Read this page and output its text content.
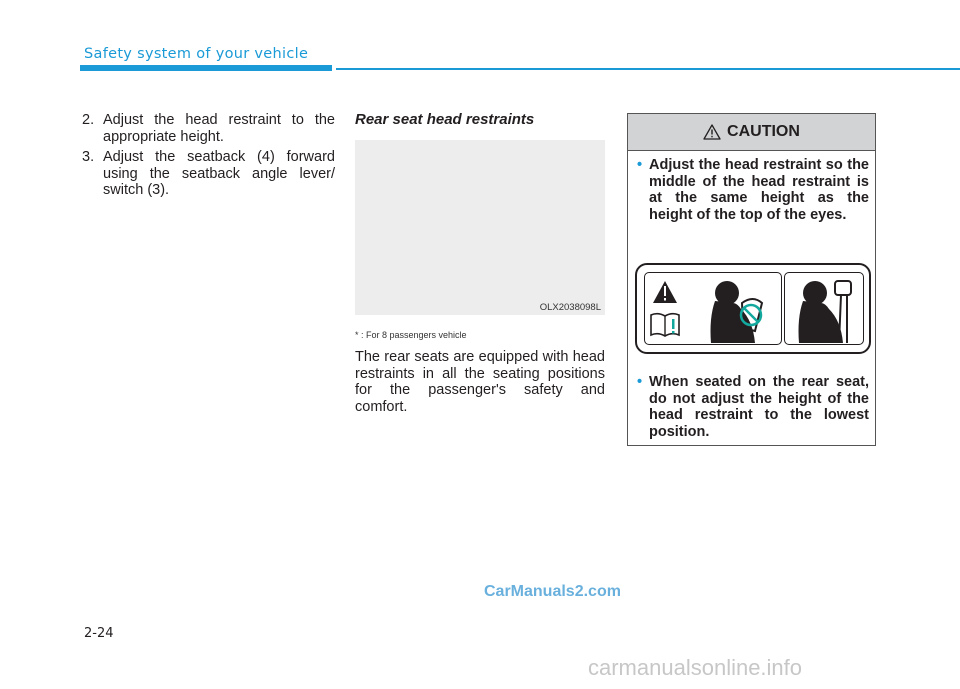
Safety system of your vehicle
2. Adjust the head restraint to the appropriate height.
3. Adjust the seatback (4) forward using the seatback angle lever/ switch (3).
Rear seat head restraints
OLX2038098L
* : For 8 passengers vehicle
The rear seats are equipped with head restraints in all the seating positions for the passenger's safety and comfort.
CAUTION
• Adjust the head restraint so the middle of the head restraint is at the same height as the height of the top of the eyes.
• When seated on the rear seat, do not adjust the height of the head restraint to the lowest position.
CarManuals2.com
2-24
carmanualsonline.info
